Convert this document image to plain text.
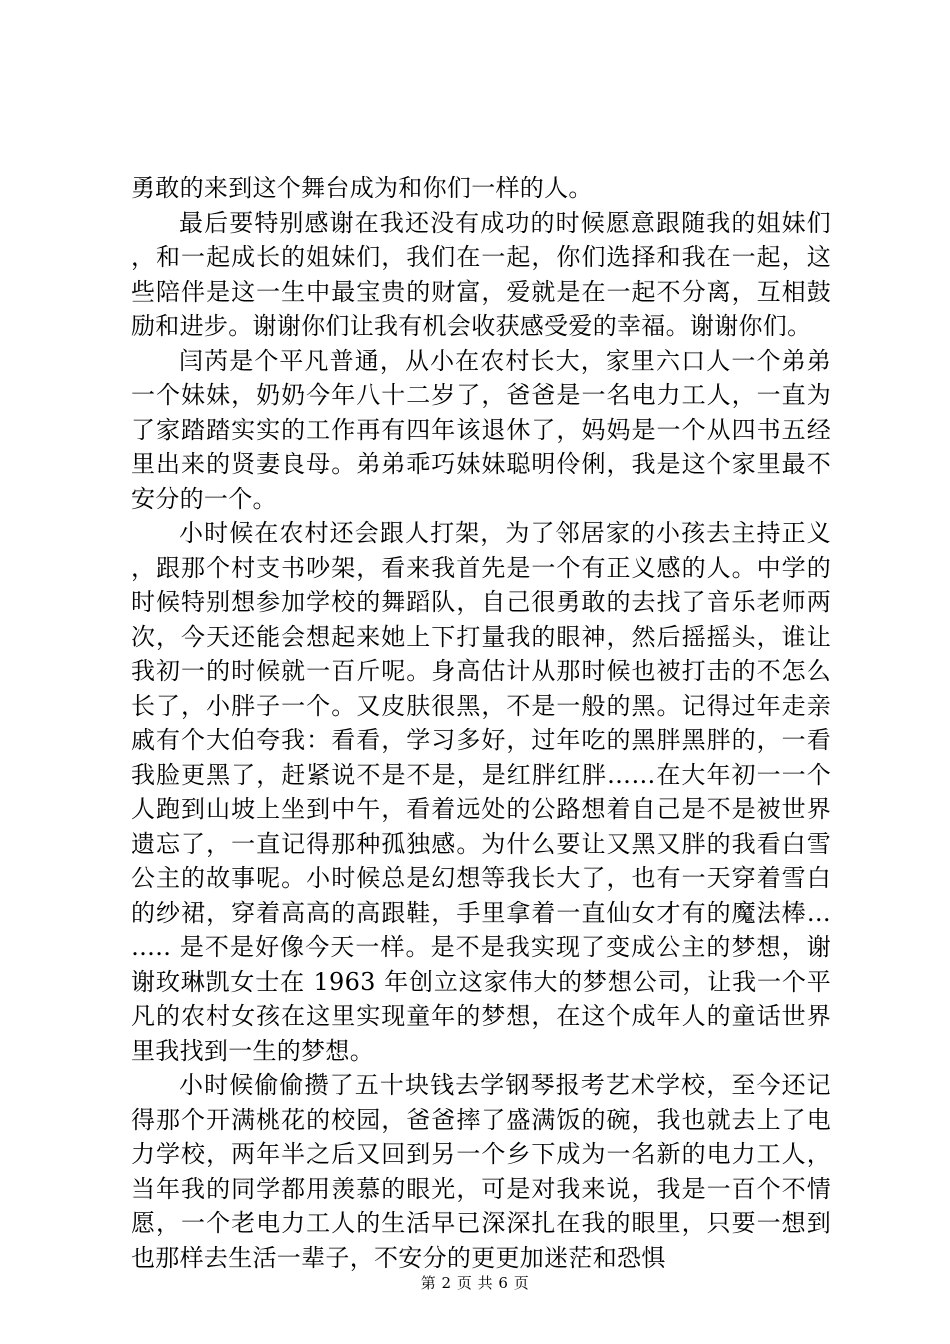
勇敢的来到这个舞台成为和你们一样的人。

最后要特别感谢在我还没有成功的时候愿意跟随我的姐妹们，和一起成长的姐妹们，我们在一起，你们选择和我在一起，这些陪伴是这一生中最宝贵的财富，爱就是在一起不分离，互相鼓励和进步。谢谢你们让我有机会收获感受爱的幸福。谢谢你们。

闫芮是个平凡普通，从小在农村长大，家里六口人一个弟弟一个妹妹，奶奶今年八十二岁了，爸爸是一名电力工人，一直为了家踏踏实实的工作再有四年该退休了，妈妈是一个从四书五经里出来的贤妻良母。弟弟乖巧妹妹聪明伶俐，我是这个家里最不安分的一个。

小时候在农村还会跟人打架，为了邻居家的小孩去主持正义，跟那个村支书吵架，看来我首先是一个有正义感的人。中学的时候特别想参加学校的舞蹈队，自己很勇敢的去找了音乐老师两次，今天还能会想起来她上下打量我的眼神，然后摇摇头，谁让我初一的时候就一百斤呢。身高估计从那时候也被打击的不怎么长了，小胖子一个。又皮肤很黑，不是一般的黑。记得过年走亲戚有个大伯夸我：看看，学习多好，过年吃的黑胖黑胖的，一看我脸更黑了，赶紧说不是不是，是红胖红胖……在大年初一一个人跑到山坡上坐到中午，看着远处的公路想着自己是不是被世界遗忘了，一直记得那种孤独感。为什么要让又黑又胖的我看白雪公主的故事呢。小时候总是幻想等我长大了，也有一天穿着雪白的纱裙，穿着高高的高跟鞋，手里拿着一直仙女才有的魔法棒…….. 是不是好像今天一样。是不是我实现了变成公主的梦想，谢谢玫琳凯女士在 1963 年创立这家伟大的梦想公司，让我一个平凡的农村女孩在这里实现童年的梦想，在这个成年人的童话世界里我找到一生的梦想。

小时候偷偷攒了五十块钱去学钢琴报考艺术学校，至今还记得那个开满桃花的校园，爸爸摔了盛满饭的碗，我也就去上了电力学校，两年半之后又回到另一个乡下成为一名新的电力工人，当年我的同学都用羡慕的眼光，可是对我来说，我是一百个不情愿，一个老电力工人的生活早已深深扎在我的眼里，只要一想到也那样去生活一辈子，不安分的更更加迷茫和恐惧

第 2 页 共 6 页
